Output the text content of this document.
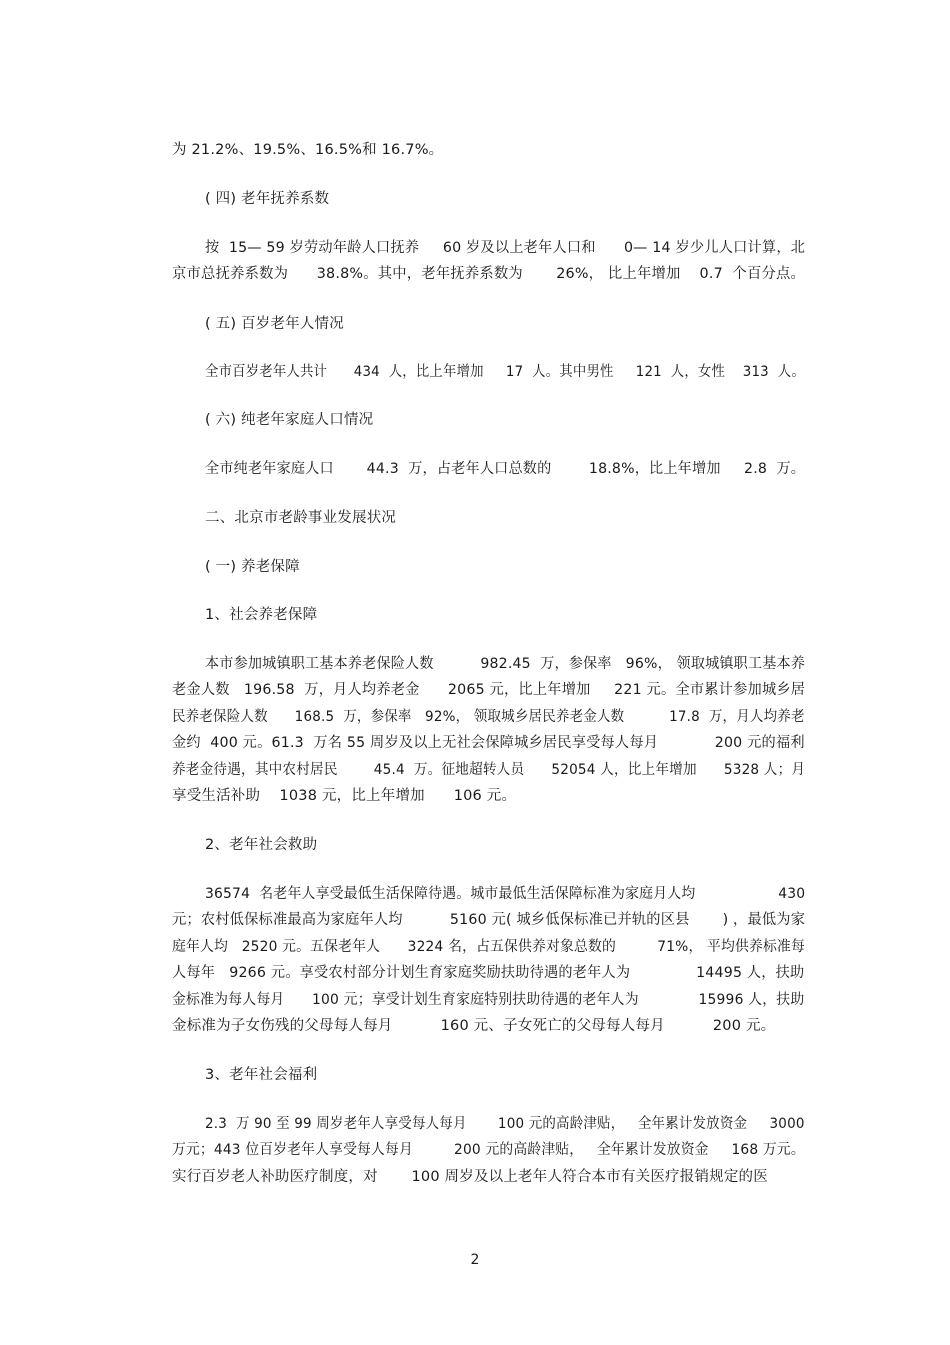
为 21.2%、19.5%、16.5%和 16.7%。
( 四) 老年抚养系数
按  15— 59 岁劳动年龄人口抚养     60 岁及以上老年人口和      0— 14 岁少儿人口计算，北
京市总抚养系数为      38.8%。其中，老年抚养系数为       26%， 比上年增加    0.7  个百分点。
( 五) 百岁老年人情况
全市百岁老年人共计      434  人，比上年增加     17  人。其中男性     121  人，女性    313  人。
( 六) 纯老年家庭人口情况
全市纯老年家庭人口       44.3  万，占老年人口总数的        18.8%，比上年增加     2.8  万。
二、北京市老龄事业发展状况
( 一) 养老保障
1、社会养老保障
本市参加城镇职工基本养老保险人数          982.45  万，参保率   96%， 领取城镇职工基本养
老金人数   196.58  万，月人均养老金      2065 元，比上年增加     221 元。全市累计参加城乡居
民养老保险人数      168.5  万，参保率   92%， 领取城乡居民养老金人数          17.8  万，月人均养老
金约  400 元。61.3  万名 55 周岁及以上无社会保障城乡居民享受每人每月            200 元的福利
养老金待遇，其中农村居民        45.4  万。征地超转人员      52054 人，比上年增加      5328 人；月
享受生活补助    1038 元，比上年增加      106 元。
2、老年社会救助
36574  名老年人享受最低生活保障待遇。城市最低生活保障标准为家庭月人均                  430
元；农村低保标准最高为家庭年人均          5160 元( 城乡低保标准已并轨的区县       ) ，最低为家
庭年人均   2520 元。五保老年人      3224 名，占五保供养对象总数的         71%， 平均供养标准每
人每年   9266 元。享受农村部分计划生育家庭奖励扶助待遇的老年人为              14495 人，扶助
金标准为每人每月      100 元；享受计划生育家庭特别扶助待遇的老年人为             15996 人，扶助
金标准为子女伤残的父母每人每月          160 元、子女死亡的父母每人每月          200 元。
3、老年社会福利
2.3  万 90 至 99 周岁老年人享受每人每月       100 元的高龄津贴，   全年累计发放资金     3000
万元；443 位百岁老年人享受每人每月         200 元的高龄津贴，   全年累计发放资金     168 万元。
实行百岁老人补助医疗制度，对       100 周岁及以上老年人符合本市有关医疗报销规定的医
2
